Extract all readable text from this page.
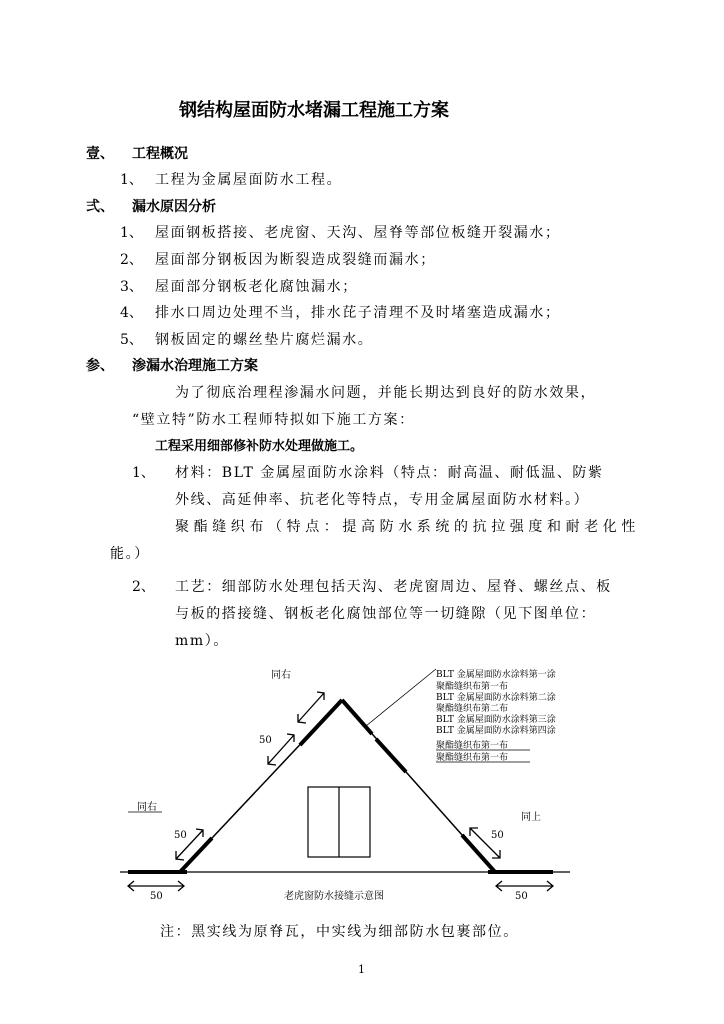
钢结构屋面防水堵漏工程施工方案
壹、 工程概况
1、 工程为金属屋面防水工程。
弍、 漏水原因分析
1、 屋面钢板搭接、老虎窗、天沟、屋脊等部位板缝开裂漏水；
2、 屋面部分钢板因为断裂造成裂缝而漏水；
3、 屋面部分钢板老化腐蚀漏水；
4、 排水口周边处理不当，排水芘子清理不及时堵塞造成漏水；
5、 钢板固定的螺丝垫片腐烂漏水。
参、 渗漏水治理施工方案
为了彻底治理程渗漏水问题，并能长期达到良好的防水效果，
“壁立特”防水工程师特拟如下施工方案：
工程采用细部修补防水处理做施工。
1、 材料：BLT 金属屋面防水涂料（特点：耐高温、耐低温、防紫
外线、高延伸率、抗老化等特点，专用金属屋面防水材料。）
聚酯缝织布（特点：提高防水系统的抗拉强度和耐老化性
能。）
2、 工艺：细部防水处理包括天沟、老虎窗周边、屋脊、螺丝点、板
与板的搭接缝、钢板老化腐蚀部位等一切缝隙（见下图单位：
mm）。
同右
同右
同上
50	50
50
50	50
老虎窗防水接缝示意图
BLT 金属屋面防水涂料第一涂
聚酯缝织布第一布
BLT 金属屋面防水涂料第二涂
聚酯缝织布第二布
BLT 金属屋面防水涂料第三涂
BLT 金属屋面防水涂料第四涂
聚酯缝织布第一布
聚酯缝织布第一布
注：黑实线为原脊瓦，中实线为细部防水包裹部位。
1
